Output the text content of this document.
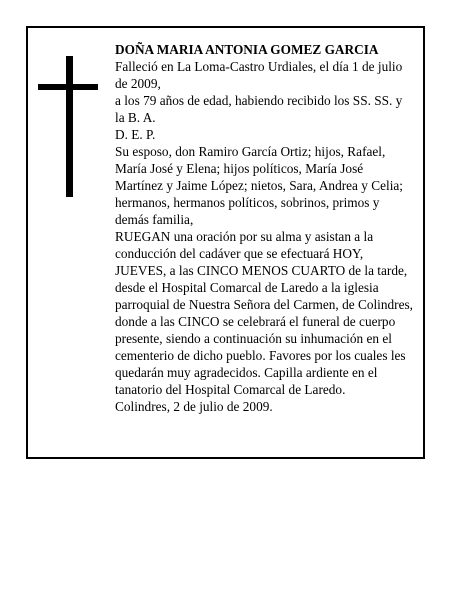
DOÑA MARIA ANTONIA GOMEZ GARCIA
Falleció en La Loma-Castro Urdiales, el día 1 de julio
de 2009,
a los 79 años de edad, habiendo recibido los SS. SS. y
la B. A.
D. E. P.
Su esposo, don Ramiro García Ortiz; hijos, Rafael,
María José y Elena; hijos políticos, María José
Martínez y Jaime López; nietos, Sara, Andrea y Celia;
hermanos, hermanos políticos, sobrinos, primos y
demás familia,
RUEGAN una oración por su alma y asistan a la
conducción del cadáver que se efectuará HOY,
JUEVES, a las CINCO MENOS CUARTO de la tarde,
desde el Hospital Comarcal de Laredo a la iglesia
parroquial de Nuestra Señora del Carmen, de Colindres,
donde a las CINCO se celebrará el funeral de cuerpo
presente, siendo a continuación su inhumación en el
cementerio de dicho pueblo. Favores por los cuales les
quedarán muy agradecidos. Capilla ardiente en el
tanatorio del Hospital Comarcal de Laredo.
Colindres, 2 de julio de 2009.
